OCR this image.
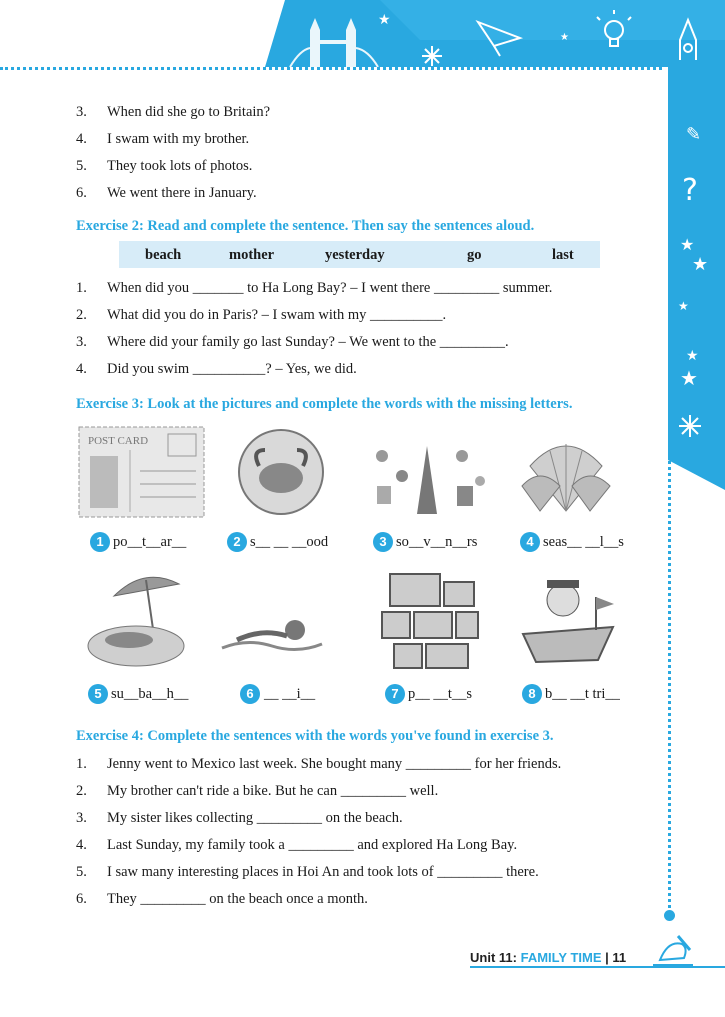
★
★
✎
?
★
★
★
★
★
3. When did she go to Britain?
4. I swam with my brother.
5. They took lots of photos.
6. We went there in January.
Exercise 2: Read and complete the sentence. Then say the sentences aloud.
beach	mother	yesterday	go	last
1. When did you _______ to Ha Long Bay? – I went there _________ summer.
2. What did you do in Paris? – I swam with my __________.
3. Where did your family go last Sunday? – We went to the _________.
4. Did you swim __________? – Yes, we did.
Exercise 3: Look at the pictures and complete the words with the missing letters.
POST CARD
1 po__t__ar__	2 s__ __ __ood	3 so__v__n__rs	4 seas__ __l__s
5 su__ba__h__	6 __ __i__	7 p__ __t__s	8 b__ __t tri__
Exercise 4: Complete the sentences with the words you've found in exercise 3.
1. Jenny went to Mexico last week. She bought many _________ for her friends.
2. My brother can't ride a bike. But he can _________ well.
3. My sister likes collecting _________ on the beach.
4. Last Sunday, my family took a _________ and explored Ha Long Bay.
5. I saw many interesting places in Hoi An and took lots of _________ there.
6. They _________ on the beach once a month.
Unit 11: FAMILY TIME | 11
